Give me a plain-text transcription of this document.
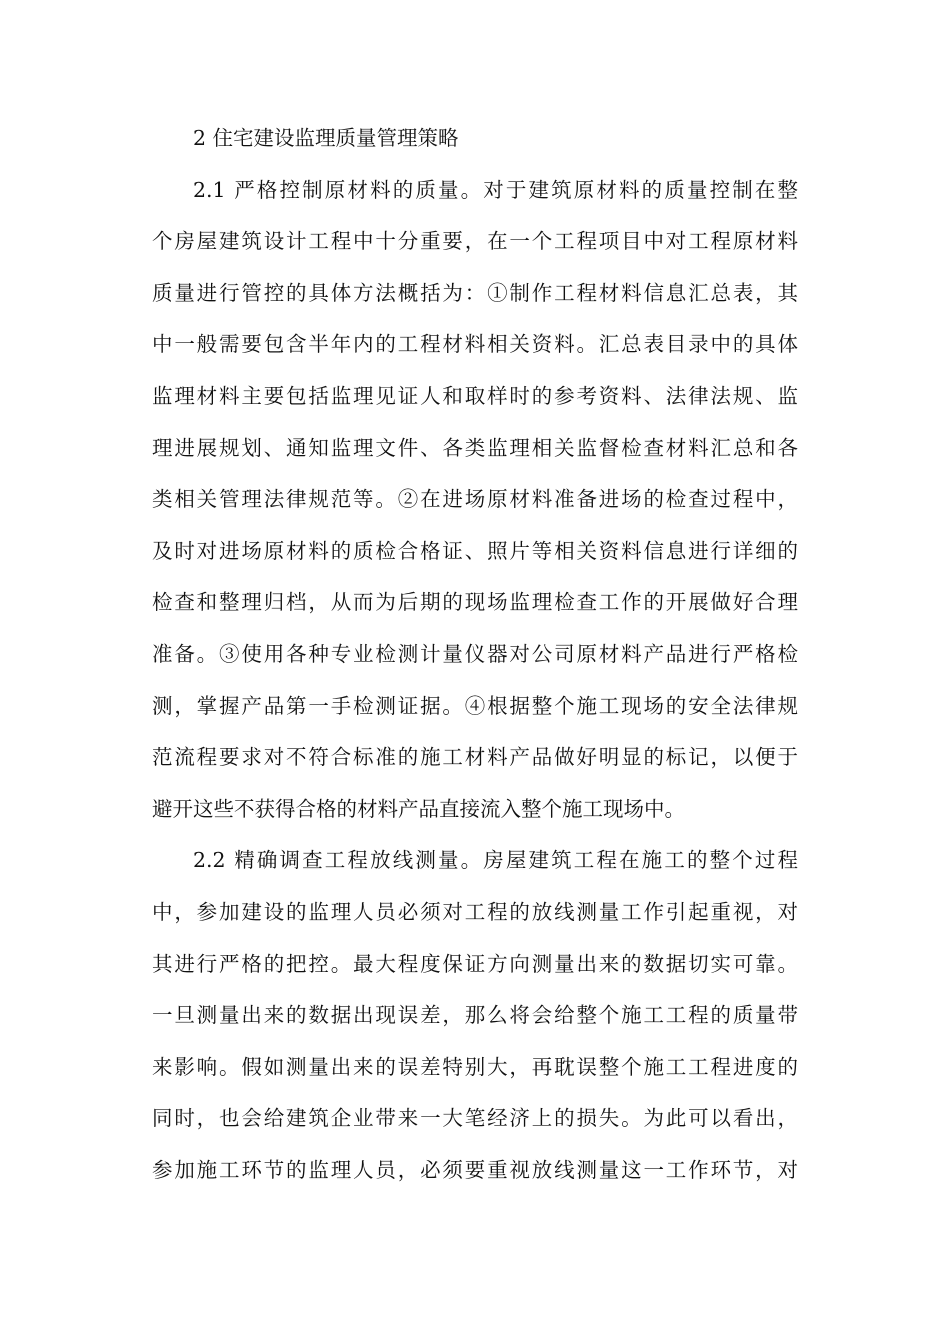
2 住宅建设监理质量管理策略
2.1 严格控制原材料的质量。对于建筑原材料的质量控制在整
个房屋建筑设计工程中十分重要，在一个工程项目中对工程原材料
质量进行管控的具体方法概括为：①制作工程材料信息汇总表，其
中一般需要包含半年内的工程材料相关资料。汇总表目录中的具体
监理材料主要包括监理见证人和取样时的参考资料、法律法规、监
理进展规划、通知监理文件、各类监理相关监督检查材料汇总和各
类相关管理法律规范等。②在进场原材料准备进场的检查过程中，
及时对进场原材料的质检合格证、照片等相关资料信息进行详细的
检查和整理归档，从而为后期的现场监理检查工作的开展做好合理
准备。③使用各种专业检测计量仪器对公司原材料产品进行严格检
测，掌握产品第一手检测证据。④根据整个施工现场的安全法律规
范流程要求对不符合标准的施工材料产品做好明显的标记，以便于
避开这些不获得合格的材料产品直接流入整个施工现场中。
2.2 精确调查工程放线测量。房屋建筑工程在施工的整个过程
中，参加建设的监理人员必须对工程的放线测量工作引起重视，对
其进行严格的把控。最大程度保证方向测量出来的数据切实可靠。
一旦测量出来的数据出现误差，那么将会给整个施工工程的质量带
来影响。假如测量出来的误差特别大，再耽误整个施工工程进度的
同时，也会给建筑企业带来一大笔经济上的损失。为此可以看出，
参加施工环节的监理人员，必须要重视放线测量这一工作环节，对
